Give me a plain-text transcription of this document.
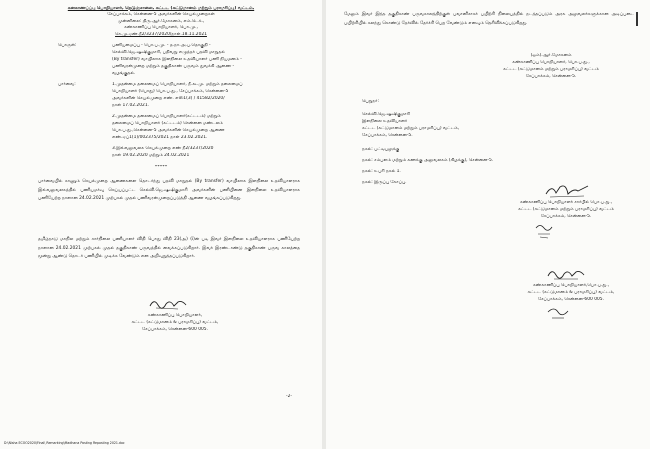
கனகாணப்ப்பு பொறியாளர், நெடுஞ்சாலை, கட்டட (கட்டுமானம் மற்றும் பராமரிப்பு) வட்டம்,
சேப்பாக்கம், சென்னை-5 அவர்களின் செயல்முறைகள்
முன்னிலை: திரு.ஆர்.மோகனம், எம்.டெக்.,
கண்காணிப்பு பொறியாளர், பொ.மு.,
செ.மு.ஏண்.நீ2/3237/2020/நாள்.18.11.2021
பொருள்:	பணியமைப்பு - பொ.ப.மு. - த.நா.அ.ப.தொகுதி -
செல்வி.ஜெ.ஷஷிகுமாரி, பதிவறு எழுத்தர் பதவி மாறுதல்
(By transfer) வாயிலாக இளநிலை உதவியாளர் பணி நியமனம் -
பணிவரன்முறை மற்றும் தகுதிகாண் பருவம் துவக்கி ஆணை -
வழங்குதல்.
பார்வை:	1.முதன்மை தலைமைப் பொறியாளர், நீ.கூ.மு. மற்றும் தலைமைப்
பொறியாளர் (பொது) பொ.ப.து., சேப்பாக்கம், சென்னை-5
அவர்களின் செயல்முறை எண். எஸ்1(3) / 41582/2020/
நாள் 17.02.2021.
2.முதன்மை தலைமைப் பொறியாளர்(கட்டடம்) மற்றும்
தலைமைப் பொறியாளர் (கட்டடம்) சென்னை மண்டலம்
பொ.ப.து.,சென்னை-5 அவர்களின் செயல்முறை ஆணை
எண்.ஏப்1(1)/002375/2021 நாள் 23.02.2021.
3.இவ்வலுவலக செயல்முறை எண் நீ2/3237/2020
நாள் 19.02.2020 மற்றும் 24.02.2021
*****
பார்வையில் காணும் செயல்முறை ஆணைகளை தொடர்ந்து பதவி மாறுதல் (By transfer) வாயிலாக இளநிலை உதவியாளராக இவ்வலுவலகத்தில் பணியமர்வு செய்யப்பட்ட செல்வி.ஜெ.ஷஷிகுமாரி அவர்களின் பணியினை இளநிலை உதவியாளராக பணியேற்ற நாளான 24.02.2021 முற்பகல் முதல் பணிவரன்முறைப்படுத்தி ஆணை வழங்கப்படுகிறது.
தமிழ்நாடு மாநில மற்றும் சார்நிலை பணியாளர் விதி பொது விதி 23(அ) (i)ன் படி இவர் இளநிலை உதவியாளராக பணியேற்ற நாளான 24.02.2021 முற்பகல் முதல் தகுதிகாண் பருவத்தில் வைக்கப்படுகிறார். இவர் இரண்டாண்டு தகுதிகாண் பருவ காலத்தை மூன்று ஆண்டு தொடர் பணியில் முடிக்க வேண்டும் என அறிவுறுத்தப்படுகிறார்.
கண்காணிப்பு பொறியாளர்,
கட்டட (கட்டுமானம் & பராமரிப்பு) வட்டம்,
சேப்பாக்கம், சென்னை-600 005.
-2-
D:\Nisha ECOO2020\Final\ Remarking\Madhana Posting Reposting 2021.doc
மேலும் இவர் இந்த தகுதிகாண் பருவகாலத்திற்குள் பவானிசாகர் பயிற்சி நிலையத்தில் நடத்தப்படும் அரசு அலுவலர்களுக்கான அடிப்படை பயிற்சியில் கலந்து கொண்டு தேர்வில் தேர்ச்சி பெற வேண்டும் எனவும் தெரிவிக்கப்படுகிறது.
(ஒம்).ஆர்.மோகனம்
கண்காணிப்பு பொறியாளர், பொ.ப.து.,
கட்டட (கட்டுமானம் மற்றும் பராமரிப்பு) வட்டம்
சேப்பாக்கம், சென்னை-5.
பெறுநர்:
செல்வி.ஜெ.ஷஷிகுமாரி
இளநிலை உதவியாளர்
கட்டட (கட்டுமானம் மற்றும் பராமரிப்பு) வட்டம்,
சேப்பாக்கம், சென்னை-5.
நகல்: பட்டியலுக்கு
நகல்: சம்பளம் மற்றும் கணக்கு அலுவலகம் (கிழக்கு), சென்னை-5.
நகல்: உபரி நகல் 1.
நகல்: இருப்பு கோப்பு.
கண்காணிப்பு பொறியாளர் சார்பில் பொ.ப.து.,
கட்டட (கட்டுமானம் மற்றும் பராமரிப்பு) வட்டம்
சேப்பாக்கம், சென்னை-5.
கண்காணிப்பு பொறியாளர்,பொ.ப.து.,
கட்டட (கட்டுமானம் & பராமரிப்பு) வட்டம்,
சேப்பாக்கம், சென்னை-600 005.
